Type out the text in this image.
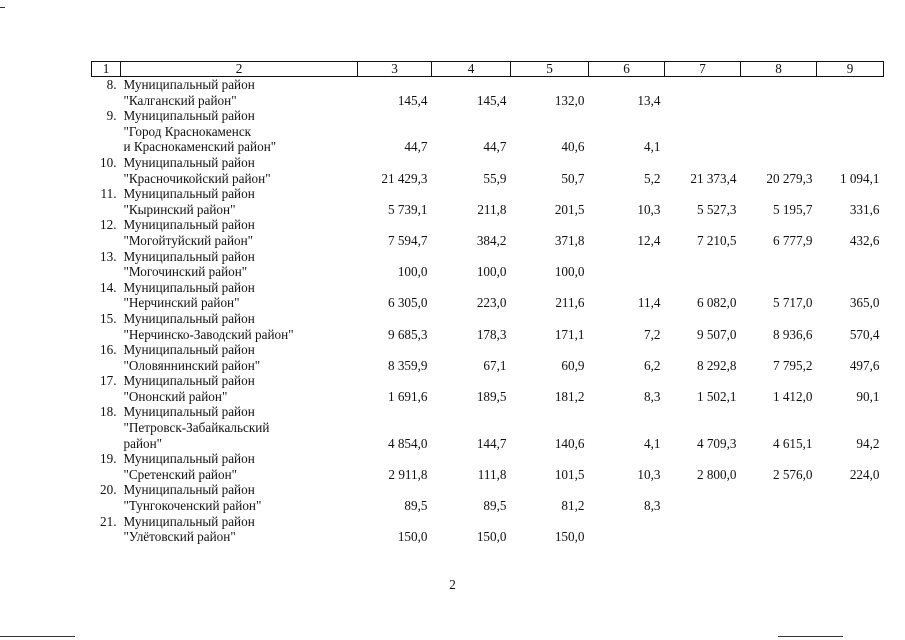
1	2	3	4	5	6	7	8	9
8.	Муниципальный район
"Калганский район"	145,4	145,4	132,0	13,4			
9.	Муниципальный район
"Город Краснокаменск
и Краснокаменский район"	44,7	44,7	40,6	4,1			
10.	Муниципальный район
"Красночикойский район"	21 429,3	55,9	50,7	5,2	21 373,4	20 279,3	1 094,1
11.	Муниципальный район
"Кыринский район"	5 739,1	211,8	201,5	10,3	5 527,3	5 195,7	331,6
12.	Муниципальный район
"Могойтуйский район"	7 594,7	384,2	371,8	12,4	7 210,5	6 777,9	432,6
13.	Муниципальный район
"Могочинский район"	100,0	100,0	100,0				
14.	Муниципальный район
"Нерчинский район"	6 305,0	223,0	211,6	11,4	6 082,0	5 717,0	365,0
15.	Муниципальный район
"Нерчинско-Заводский район"	9 685,3	178,3	171,1	7,2	9 507,0	8 936,6	570,4
16.	Муниципальный район
"Оловяннинский район"	8 359,9	67,1	60,9	6,2	8 292,8	7 795,2	497,6
17.	Муниципальный район
"Ононский район"	1 691,6	189,5	181,2	8,3	1 502,1	1 412,0	90,1
18.	Муниципальный район
"Петровск-Забайкальский
район"	4 854,0	144,7	140,6	4,1	4 709,3	4 615,1	94,2
19.	Муниципальный район
"Сретенский район"	2 911,8	111,8	101,5	10,3	2 800,0	2 576,0	224,0
20.	Муниципальный район
"Тунгокоченский район"	89,5	89,5	81,2	8,3			
21.	Муниципальный район
"Улётовский район"	150,0	150,0	150,0				
2
